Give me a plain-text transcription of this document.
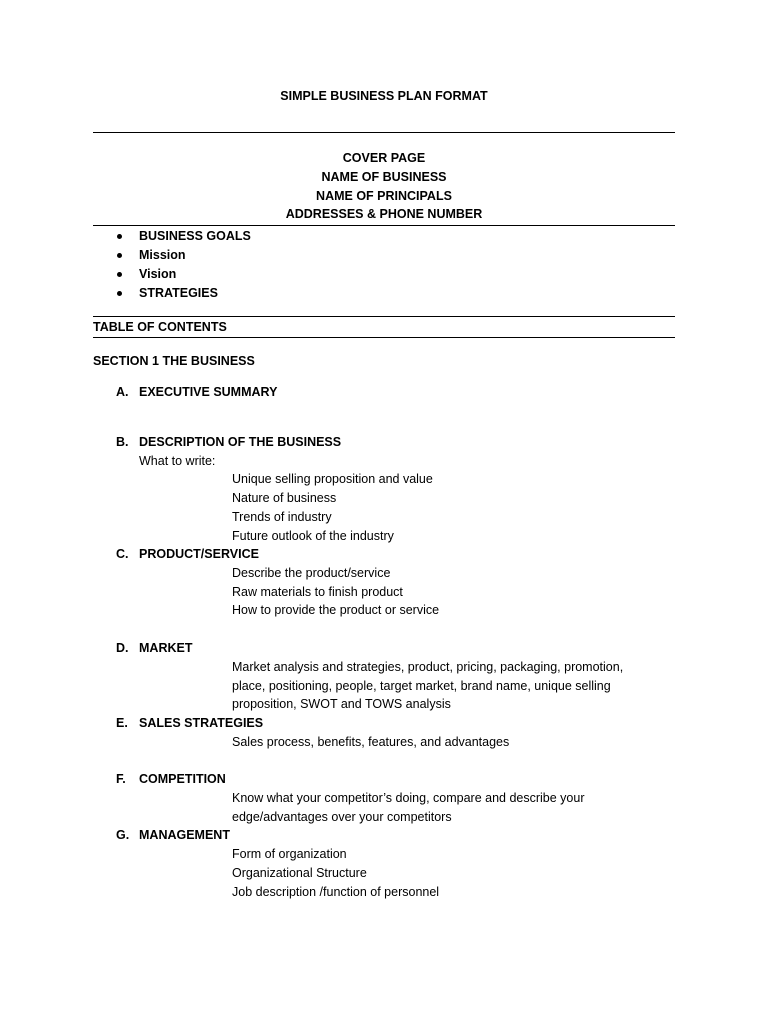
SIMPLE BUSINESS PLAN FORMAT
COVER PAGE
NAME OF BUSINESS
NAME OF PRINCIPALS
ADDRESSES & PHONE NUMBER
BUSINESS GOALS
Mission
Vision
STRATEGIES
TABLE OF CONTENTS
SECTION 1 THE BUSINESS
A. EXECUTIVE SUMMARY
B. DESCRIPTION OF THE BUSINESS
What to write:
Unique selling proposition and value
Nature of business
Trends of industry
Future outlook of the industry
C. PRODUCT/SERVICE
Describe the product/service
Raw materials to finish product
How to provide the product or service
D. MARKET
Market analysis and strategies, product, pricing, packaging, promotion,
place, positioning, people, target market, brand name, unique selling
proposition, SWOT and TOWS analysis
E. SALES STRATEGIES
Sales process, benefits, features, and advantages
F. COMPETITION
Know what your competitor’s doing, compare and describe your
edge/advantages over your competitors
G. MANAGEMENT
Form of organization
Organizational Structure
Job description /function of personnel
